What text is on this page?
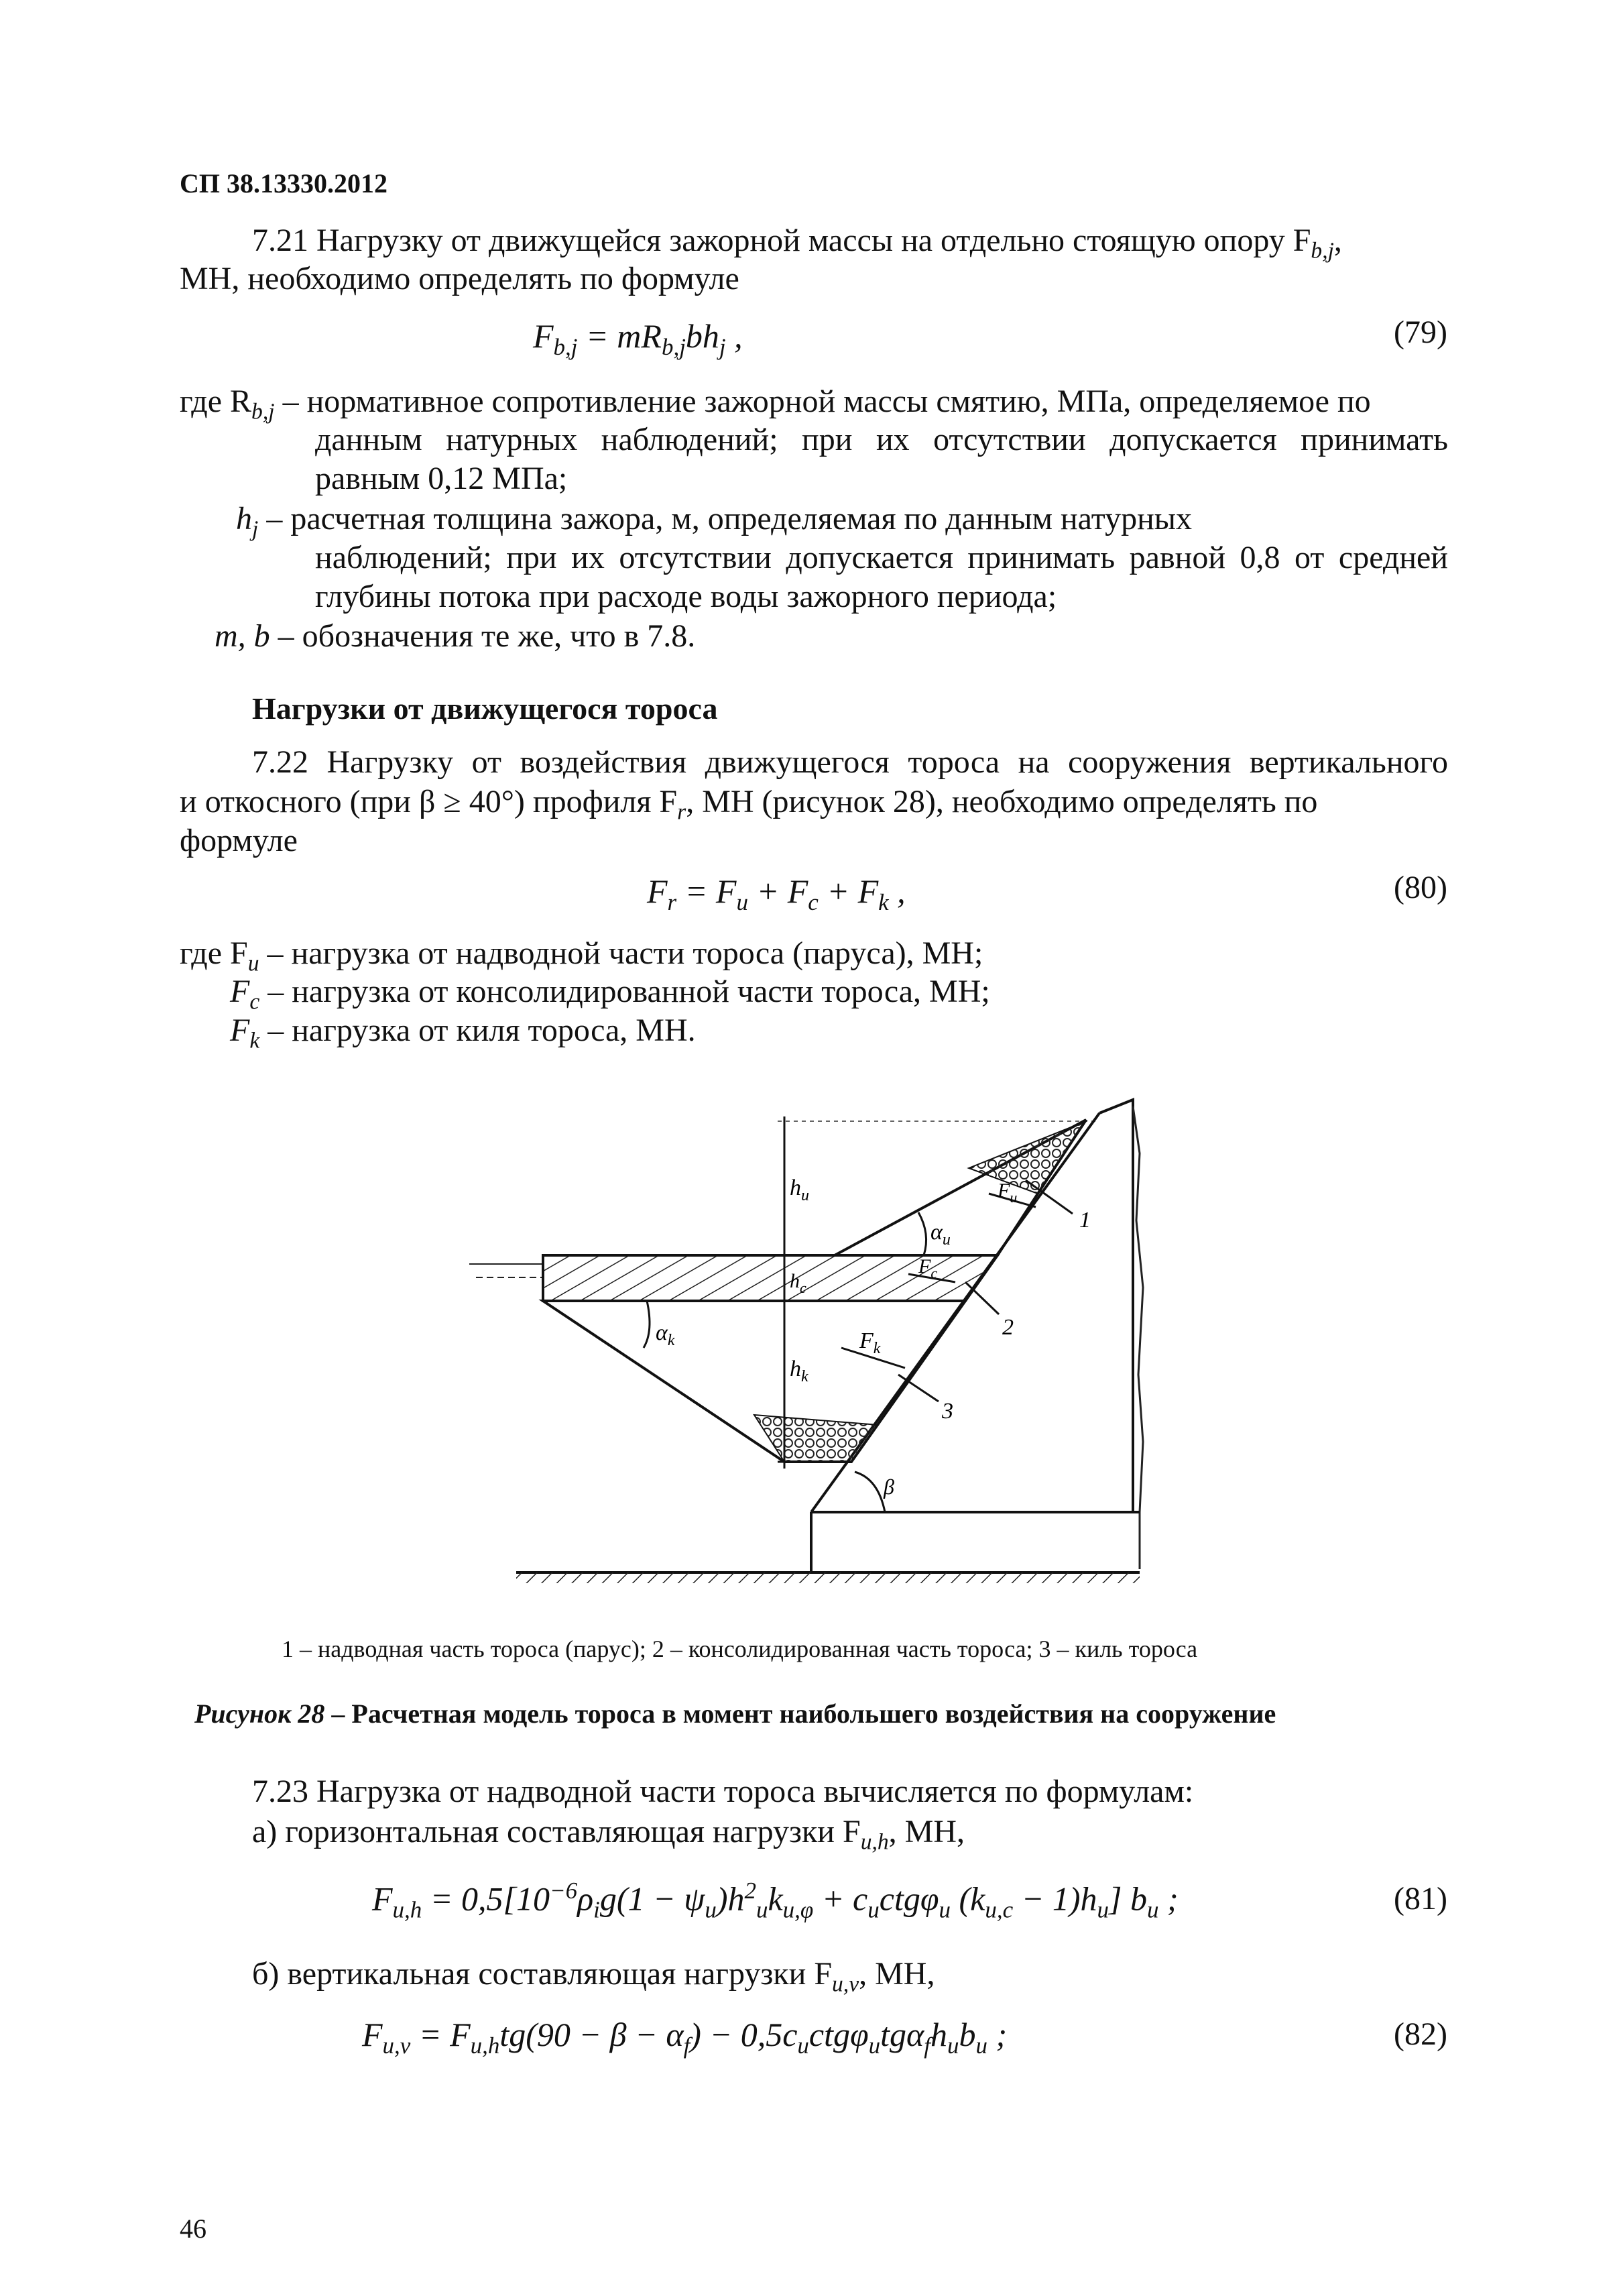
СП 38.13330.2012
7.21 Нагрузку от движущейся зажорной массы на отдельно стоящую опору $F_{b,j}$,
МН, необходимо определять по формуле
$F_{b,j} = mR_{b,j}bh_j$ ,	(79)
где $R_{b,j}$ – нормативное сопротивление зажорной массы смятию, МПа, определяемое по
данным натурных наблюдений; при их отсутствии допускается принимать
равным 0,12 МПа;
$h_j$ – расчетная толщина зажора, м, определяемая по данным натурных
наблюдений; при их отсутствии допускается принимать равной 0,8 от средней
глубины потока при расходе воды зажорного периода;
m, b – обозначения те же, что в 7.8.
Нагрузки от движущегося тороса
7.22 Нагрузку от воздействия движущегося тороса на сооружения вертикального
и откосного (при β ≥ 40°) профиля $F_r$, МН (рисунок 28), необходимо определять по
формуле
$F_r = F_u + F_c + F_k$ ,	(80)
где $F_u$ – нагрузка от надводной части тороса (паруса), МН;
$F_c$ – нагрузка от консолидированной части тороса, МН;
$F_k$ – нагрузка от киля тороса, МН.
$h_u$
$h_c$
$h_k$
$\alpha_u$
$\alpha_k$
$F_u$
$F_c$
$F_k$
β
1
2
3
1 – надводная часть тороса (парус); 2 – консолидированная часть тороса; 3 – киль тороса
Рисунок 28 – Расчетная модель тороса в момент наибольшего воздействия на сооружение
7.23 Нагрузка от надводной части тороса вычисляется по формулам:
а) горизонтальная составляющая нагрузки $F_{u,h}$, МН,
$F_{u,h} = 0,5[10^{-6}\rho_ig(1 - \psi_u)h^2_uk_{u,\varphi} + c_uctg\varphi_u$ $(k_{u,c} - 1)h_u$] $b_u$ ;	(81)
б) вертикальная составляющая нагрузки $F_{u,v}$, МН,
$F_{u,v} = F_{u,h}tg(90 - \beta - \alpha_f) - 0,5c_uctg\varphi_utg\alpha_fh_ub_u$ ;	(82)
46
